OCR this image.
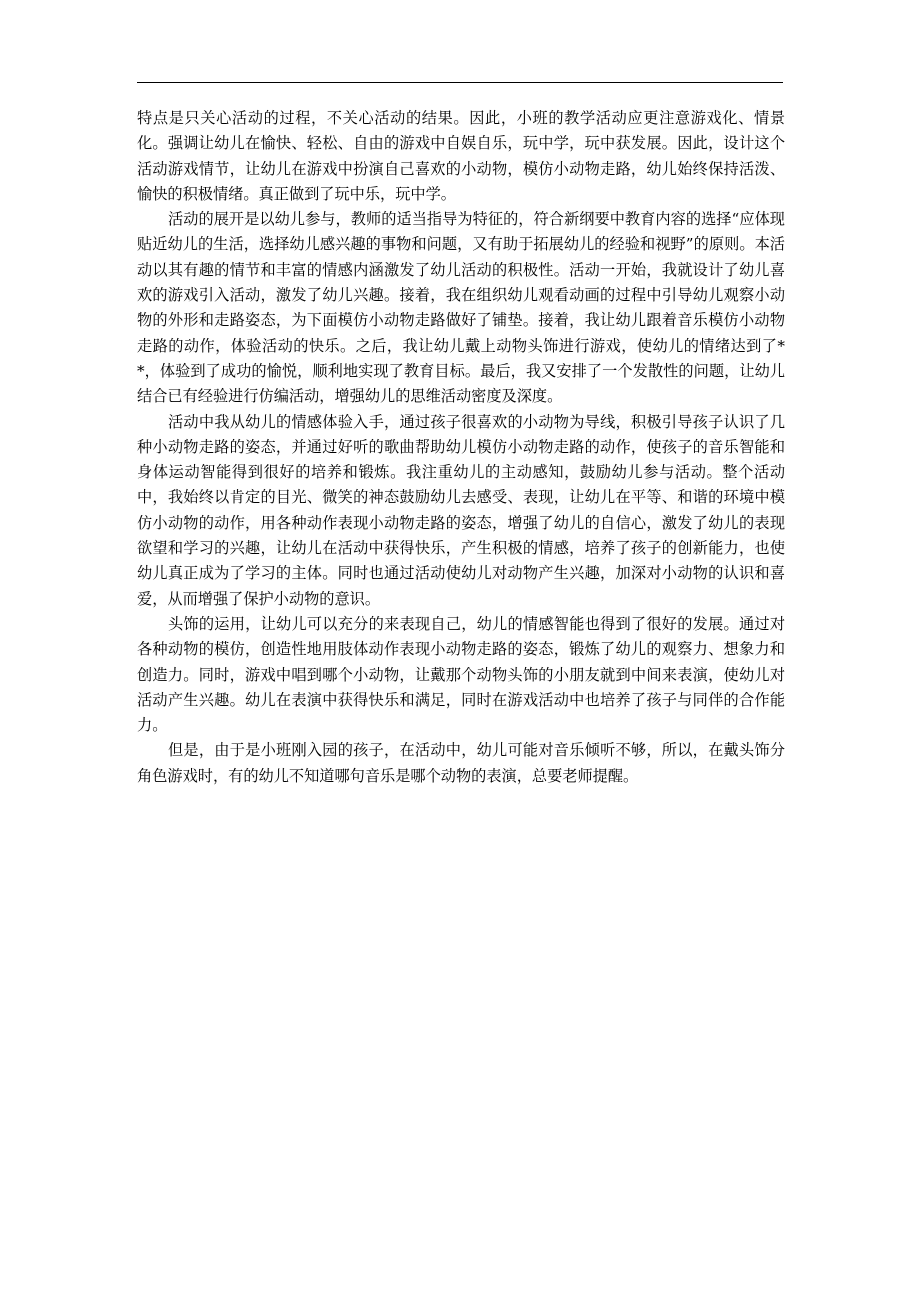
特点是只关心活动的过程，不关心活动的结果。因此，小班的教学活动应更注意游戏化、情景化。强调让幼儿在愉快、轻松、自由的游戏中自娱自乐，玩中学，玩中获发展。因此，设计这个活动游戏情节，让幼儿在游戏中扮演自己喜欢的小动物，模仿小动物走路，幼儿始终保持活泼、愉快的积极情绪。真正做到了玩中乐，玩中学。

活动的展开是以幼儿参与，教师的适当指导为特征的，符合新纲要中教育内容的选择“应体现贴近幼儿的生活，选择幼儿感兴趣的事物和问题，又有助于拓展幼儿的经验和视野”的原则。本活动以其有趣的情节和丰富的情感内涵激发了幼儿活动的积极性。活动一开始，我就设计了幼儿喜欢的游戏引入活动，激发了幼儿兴趣。接着，我在组织幼儿观看动画的过程中引导幼儿观察小动物的外形和走路姿态，为下面模仿小动物走路做好了铺垫。接着，我让幼儿跟着音乐模仿小动物走路的动作，体验活动的快乐。之后，我让幼儿戴上动物头饰进行游戏，使幼儿的情绪达到了**，体验到了成功的愉悦，顺利地实现了教育目标。最后，我又安排了一个发散性的问题，让幼儿结合已有经验进行仿编活动，增强幼儿的思维活动密度及深度。

活动中我从幼儿的情感体验入手，通过孩子很喜欢的小动物为导线，积极引导孩子认识了几种小动物走路的姿态，并通过好听的歌曲帮助幼儿模仿小动物走路的动作，使孩子的音乐智能和身体运动智能得到很好的培养和锻炼。我注重幼儿的主动感知，鼓励幼儿参与活动。整个活动中，我始终以肯定的目光、微笑的神态鼓励幼儿去感受、表现，让幼儿在平等、和谐的环境中模仿小动物的动作，用各种动作表现小动物走路的姿态，增强了幼儿的自信心，激发了幼儿的表现欲望和学习的兴趣，让幼儿在活动中获得快乐，产生积极的情感，培养了孩子的创新能力，也使幼儿真正成为了学习的主体。同时也通过活动使幼儿对动物产生兴趣，加深对小动物的认识和喜爱，从而增强了保护小动物的意识。

头饰的运用，让幼儿可以充分的来表现自己，幼儿的情感智能也得到了很好的发展。通过对各种动物的模仿，创造性地用肢体动作表现小动物走路的姿态，锻炼了幼儿的观察力、想象力和创造力。同时，游戏中唱到哪个小动物，让戴那个动物头饰的小朋友就到中间来表演，使幼儿对活动产生兴趣。幼儿在表演中获得快乐和满足，同时在游戏活动中也培养了孩子与同伴的合作能力。

但是，由于是小班刚入园的孩子，在活动中，幼儿可能对音乐倾听不够，所以，在戴头饰分角色游戏时，有的幼儿不知道哪句音乐是哪个动物的表演，总要老师提醒。
